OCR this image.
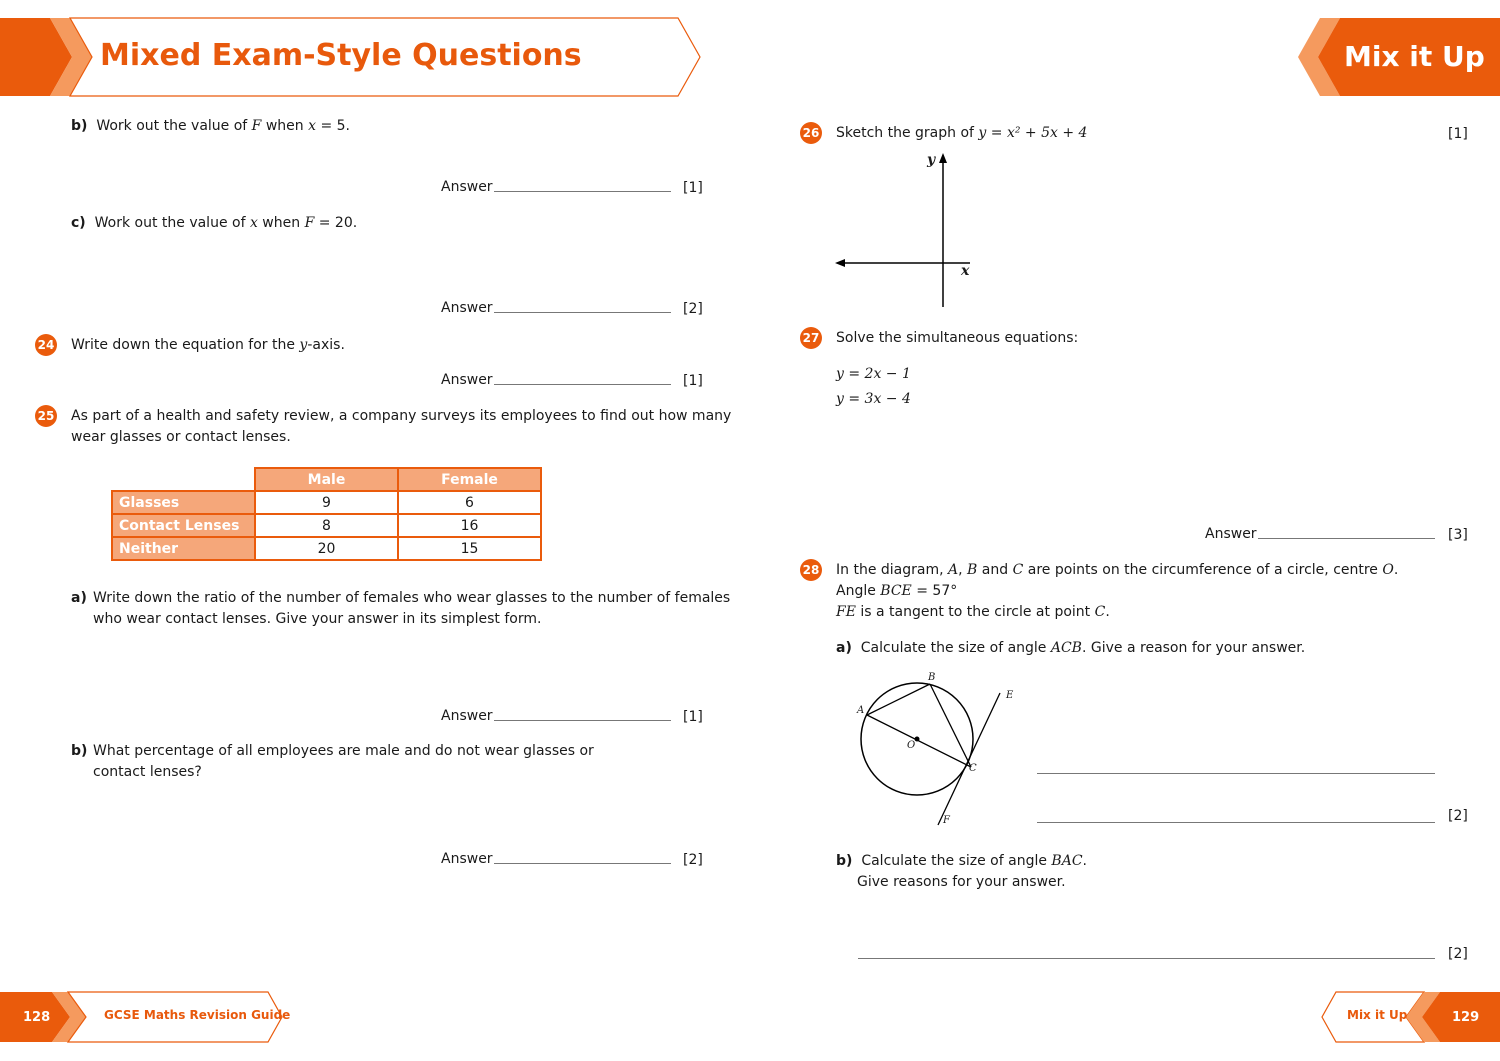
Mixed Exam-Style Questions	Mix it Up
b) Work out the value of F when x = 5.
Answer	[1]
c) Work out the value of x when F = 20.
Answer	[2]
24 Write down the equation for the y-axis.
Answer	[1]
25 As part of a health and safety review, a company surveys its employees to find out how many
wear glasses or contact lenses.
	Male	Female
Glasses	9	6
Contact Lenses	8	16
Neither	20	15
a) Write down the ratio of the number of females who wear glasses to the number of females
who wear contact lenses. Give your answer in its simplest form.
Answer	[1]
b) What percentage of all employees are male and do not wear glasses or
contact lenses?
Answer	[2]
26 Sketch the graph of y = x² + 5x + 4	[1]
y
x
27 Solve the simultaneous equations:
y = 2x − 1
y = 3x − 4
Answer	[3]
28 In the diagram, A, B and C are points on the circumference of a circle, centre O.
Angle BCE = 57°
FE is a tangent to the circle at point C.
a) Calculate the size of angle ACB. Give a reason for your answer.
A
B
C
O
E
F	[2]
b) Calculate the size of angle BAC.
Give reasons for your answer.
[2]
128	GCSE Maths Revision Guide	Mix it Up	129
